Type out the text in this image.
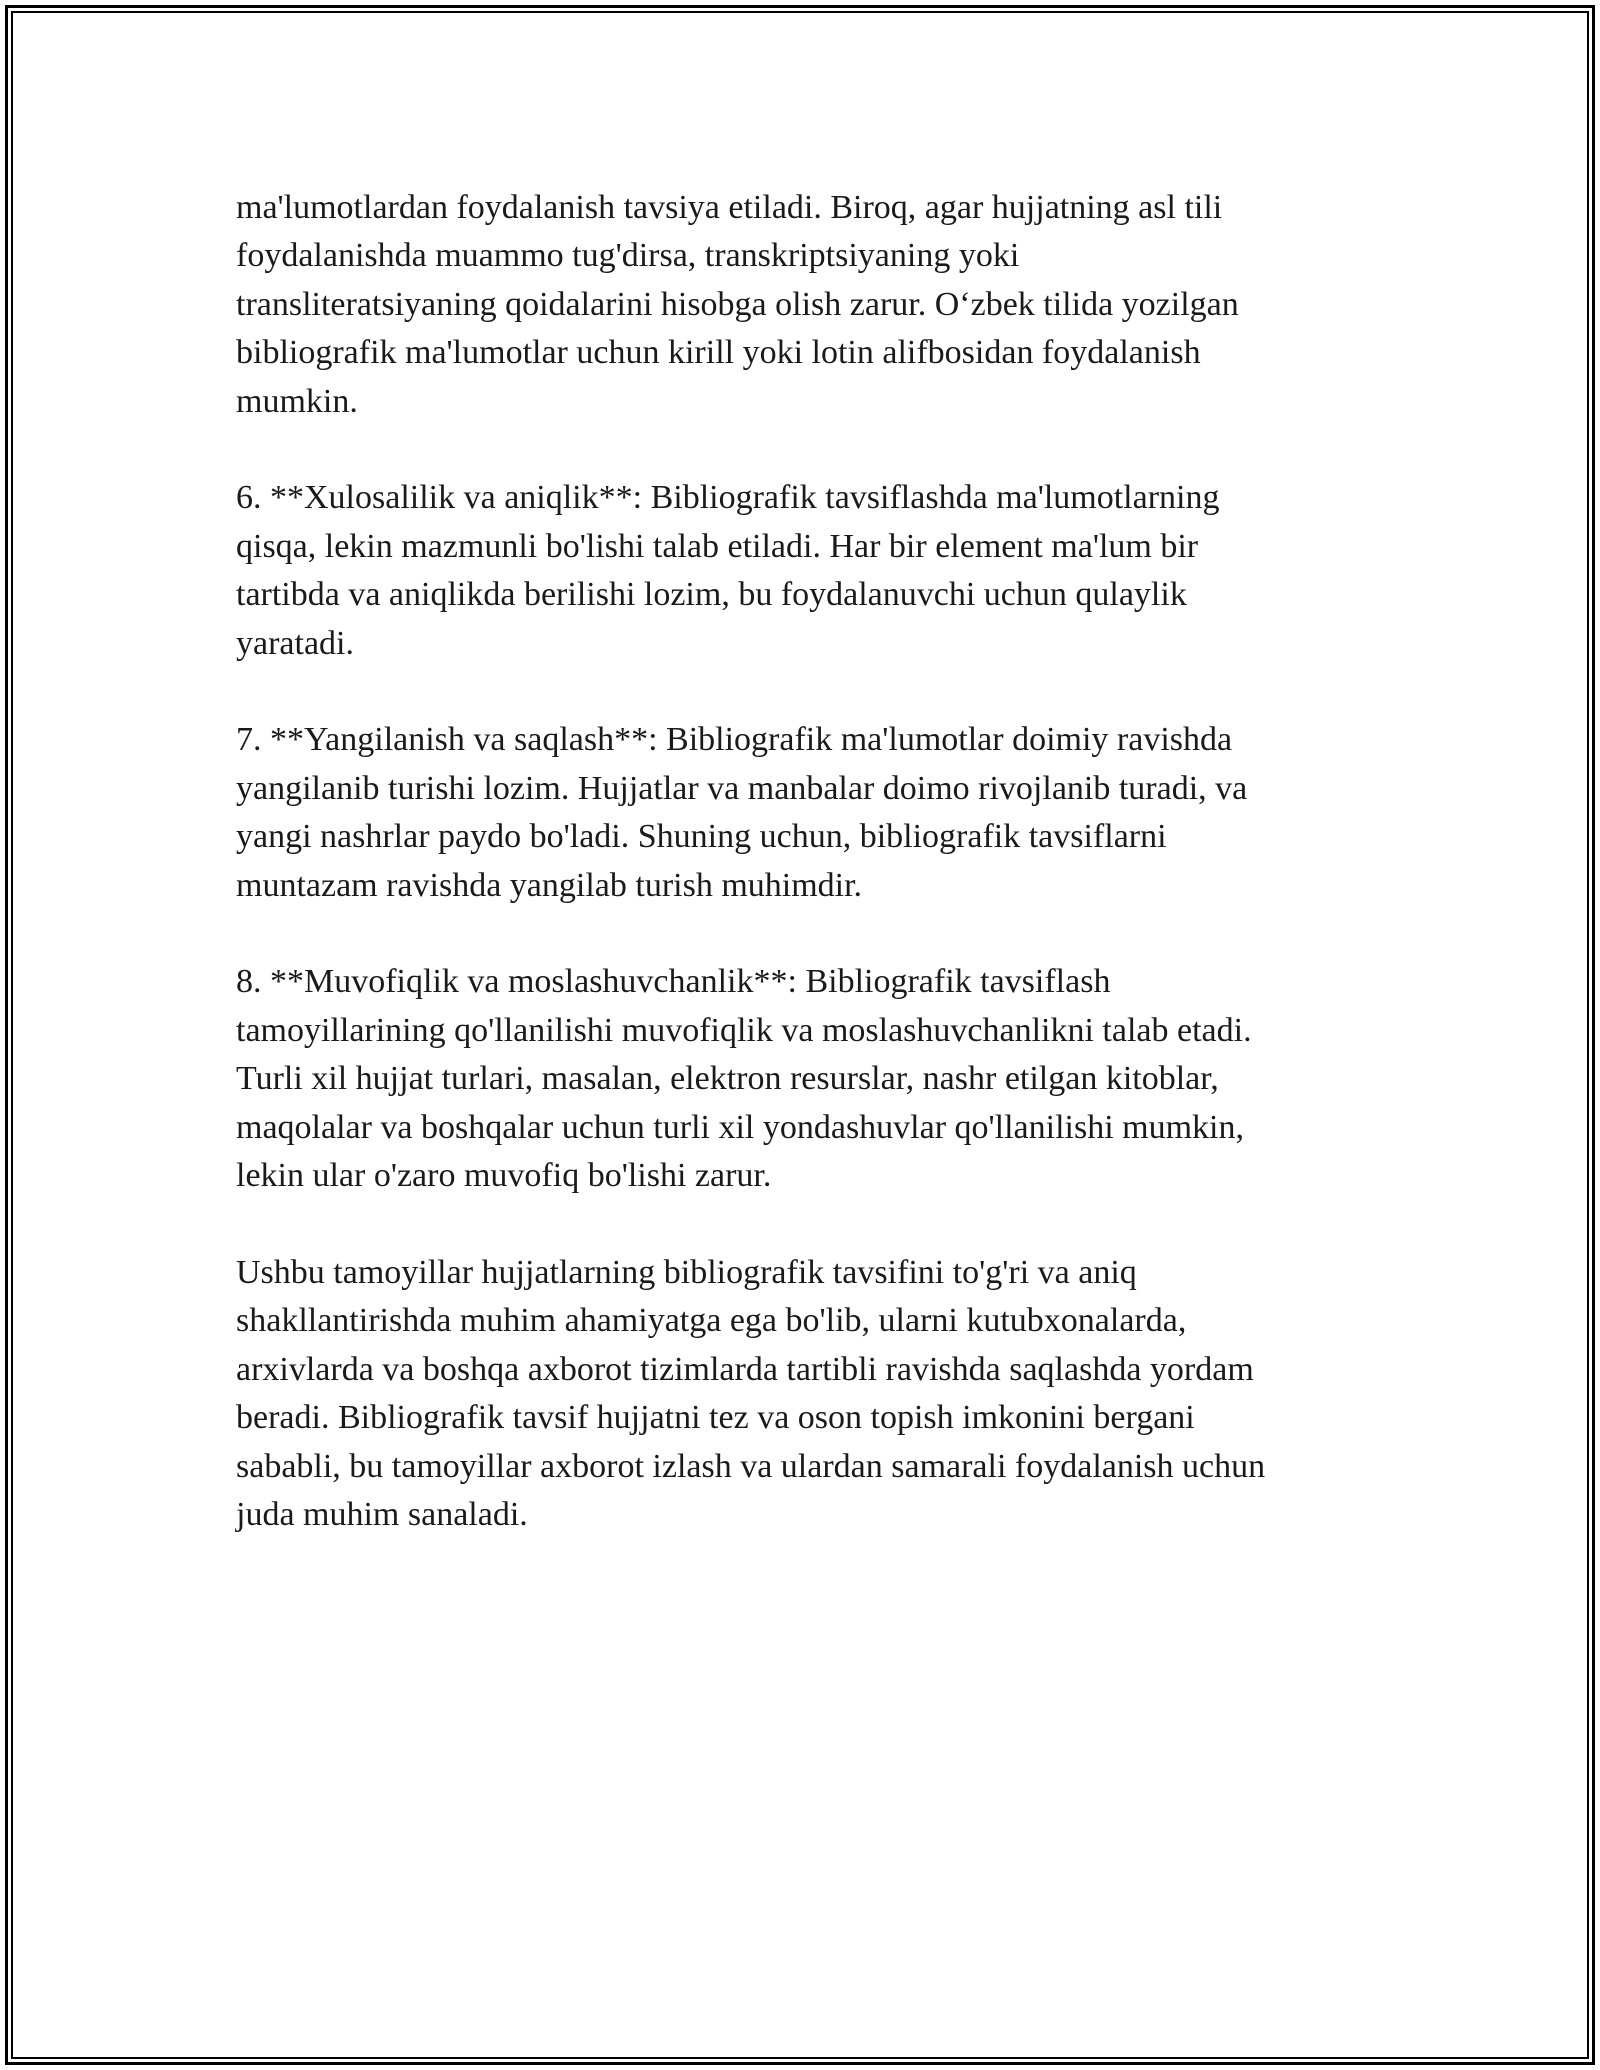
ma'lumotlardan foydalanish tavsiya etiladi. Biroq, agar hujjatning asl tili
foydalanishda muammo tug'dirsa, transkriptsiyaning yoki
transliteratsiyaning qoidalarini hisobga olish zarur. O‘zbek tilida yozilgan
bibliografik ma'lumotlar uchun kirill yoki lotin alifbosidan foydalanish
mumkin.

6. **Xulosalilik va aniqlik**: Bibliografik tavsiflashda ma'lumotlarning
qisqa, lekin mazmunli bo'lishi talab etiladi. Har bir element ma'lum bir
tartibda va aniqlikda berilishi lozim, bu foydalanuvchi uchun qulaylik
yaratadi.

7. **Yangilanish va saqlash**: Bibliografik ma'lumotlar doimiy ravishda
yangilanib turishi lozim. Hujjatlar va manbalar doimo rivojlanib turadi, va
yangi nashrlar paydo bo'ladi. Shuning uchun, bibliografik tavsiflarni
muntazam ravishda yangilab turish muhimdir.

8. **Muvofiqlik va moslashuvchanlik**: Bibliografik tavsiflash
tamoyillarining qo'llanilishi muvofiqlik va moslashuvchanlikni talab etadi.
Turli xil hujjat turlari, masalan, elektron resurslar, nashr etilgan kitoblar,
maqolalar va boshqalar uchun turli xil yondashuvlar qo'llanilishi mumkin,
lekin ular o'zaro muvofiq bo'lishi zarur.

Ushbu tamoyillar hujjatlarning bibliografik tavsifini to'g'ri va aniq
shakllantirishda muhim ahamiyatga ega bo'lib, ularni kutubxonalarda,
arxivlarda va boshqa axborot tizimlarda tartibli ravishda saqlashda yordam
beradi. Bibliografik tavsif hujjatni tez va oson topish imkonini bergani
sababli, bu tamoyillar axborot izlash va ulardan samarali foydalanish uchun
juda muhim sanaladi.
